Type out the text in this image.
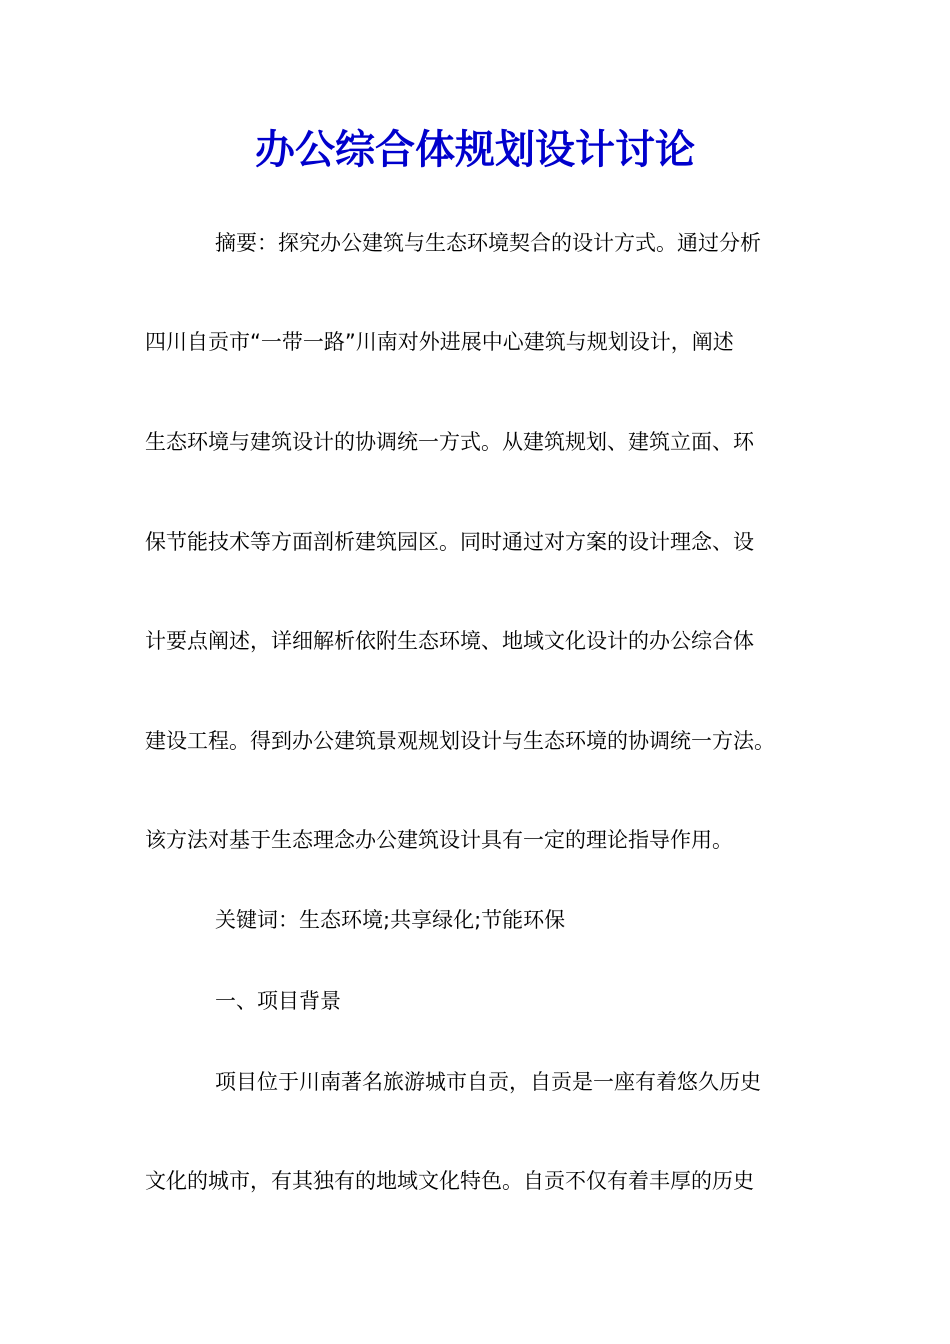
办公综合体规划设计讨论
摘要：探究办公建筑与生态环境契合的设计方式。通过分析
四川自贡市“一带一路”川南对外进展中心建筑与规划设计，阐述
生态环境与建筑设计的协调统一方式。从建筑规划、建筑立面、环
保节能技术等方面剖析建筑园区。同时通过对方案的设计理念、设
计要点阐述，详细解析依附生态环境、地域文化设计的办公综合体
建设工程。得到办公建筑景观规划设计与生态环境的协调统一方法。
该方法对基于生态理念办公建筑设计具有一定的理论指导作用。
关键词：生态环境;共享绿化;节能环保
一、项目背景
项目位于川南著名旅游城市自贡，自贡是一座有着悠久历史
文化的城市，有其独有的地域文化特色。自贡不仅有着丰厚的历史
